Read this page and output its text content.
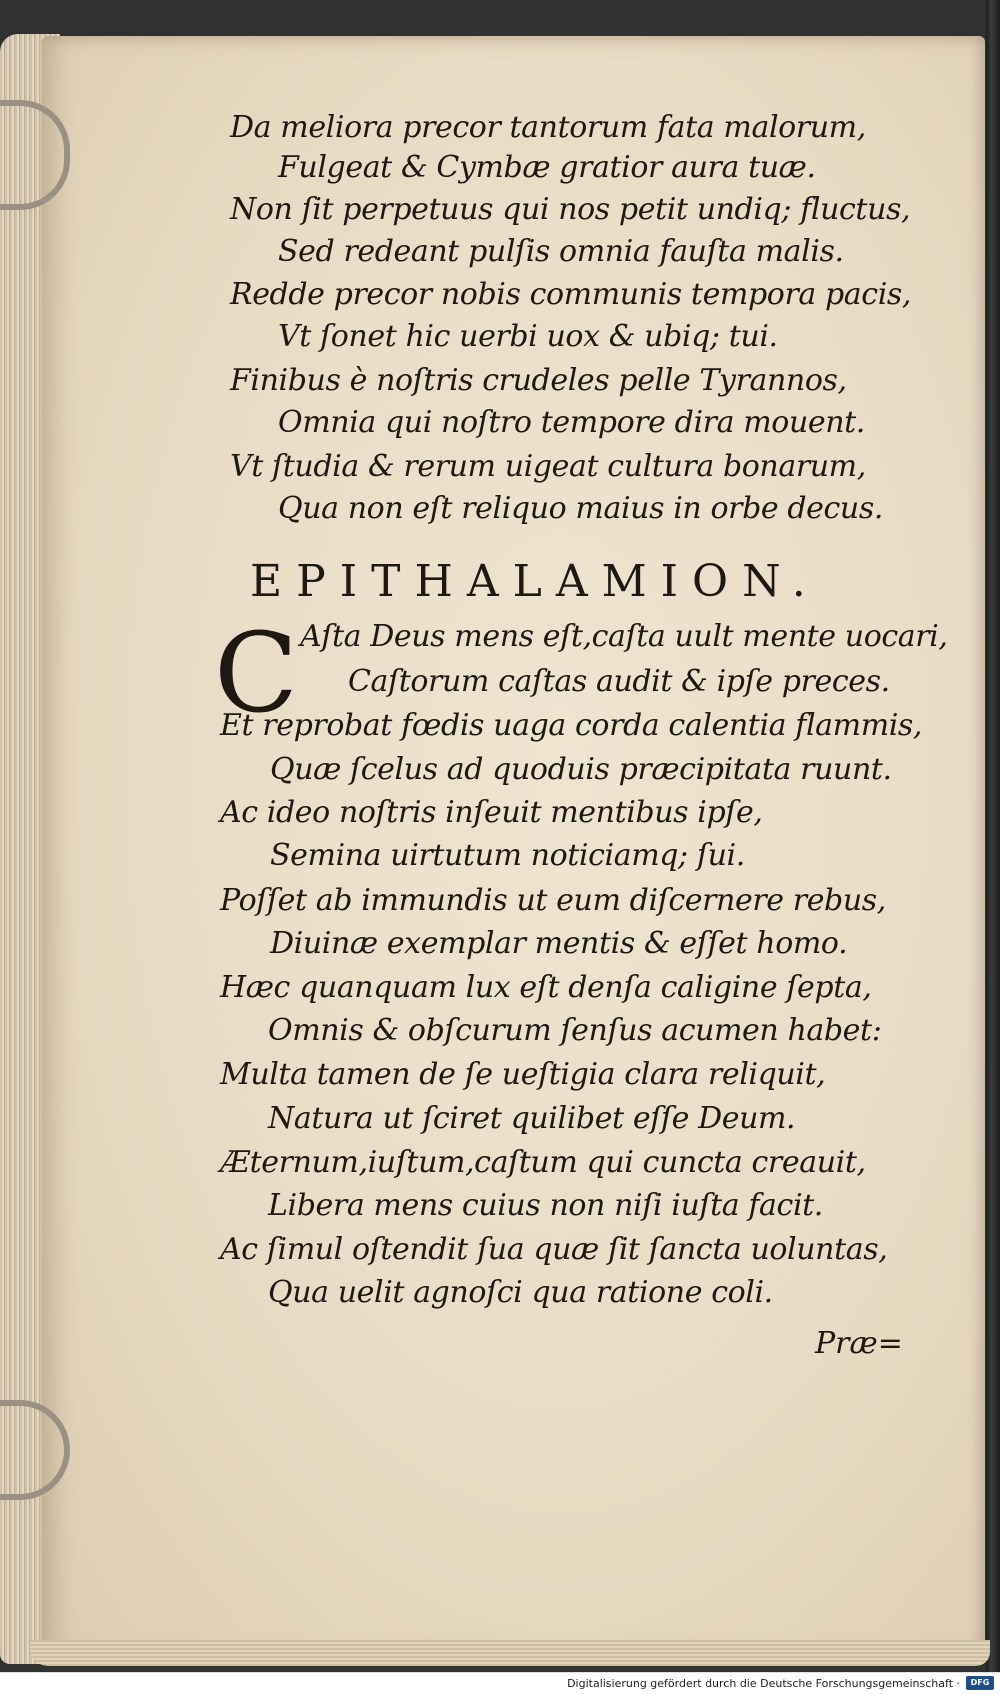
Da meliora precor tantorum fata malorum,
Fulgeat & Cymbæ gratior aura tuæ.
Non ſit perpetuus qui nos petit undiq; fluctus,
Sed redeant pulſis omnia fauſta malis.
Redde precor nobis communis tempora pacis,
Vt ſonet hic uerbi uox & ubiq; tui.
Finibus è noſtris crudeles pelle Tyrannos,
Omnia qui noſtro tempore dira mouent.
Vt ſtudia & rerum uigeat cultura bonarum,
Qua non eſt reliquo maius in orbe decus.
EPITHALAMION.
C Aſta Deus mens eſt,caſta uult mente uocari,
Caſtorum caſtas audit & ipſe preces.
Et reprobat fœdis uaga corda calentia flammis,
Quæ ſcelus ad quoduis præcipitata ruunt.
Ac ideo noſtris inſeuit mentibus ipſe,
Semina uirtutum noticiamq; ſui.
Poſſet ab immundis ut eum diſcernere rebus,
Diuinæ exemplar mentis & eſſet homo.
Hæc quanquam lux eſt denſa caligine ſepta,
Omnis & obſcurum ſenſus acumen habet:
Multa tamen de ſe ueſtigia clara reliquit,
Natura ut ſciret quilibet eſſe Deum.
Æternum,iuſtum,caſtum qui cuncta creauit,
Libera mens cuius non niſi iuſta facit.
Ac ſimul oſtendit ſua quæ ſit ſancta uoluntas,
Qua uelit agnoſci qua ratione coli.
Præ=
Digitalisierung gefördert durch die Deutsche Forschungsgemeinschaft ·	DFG
